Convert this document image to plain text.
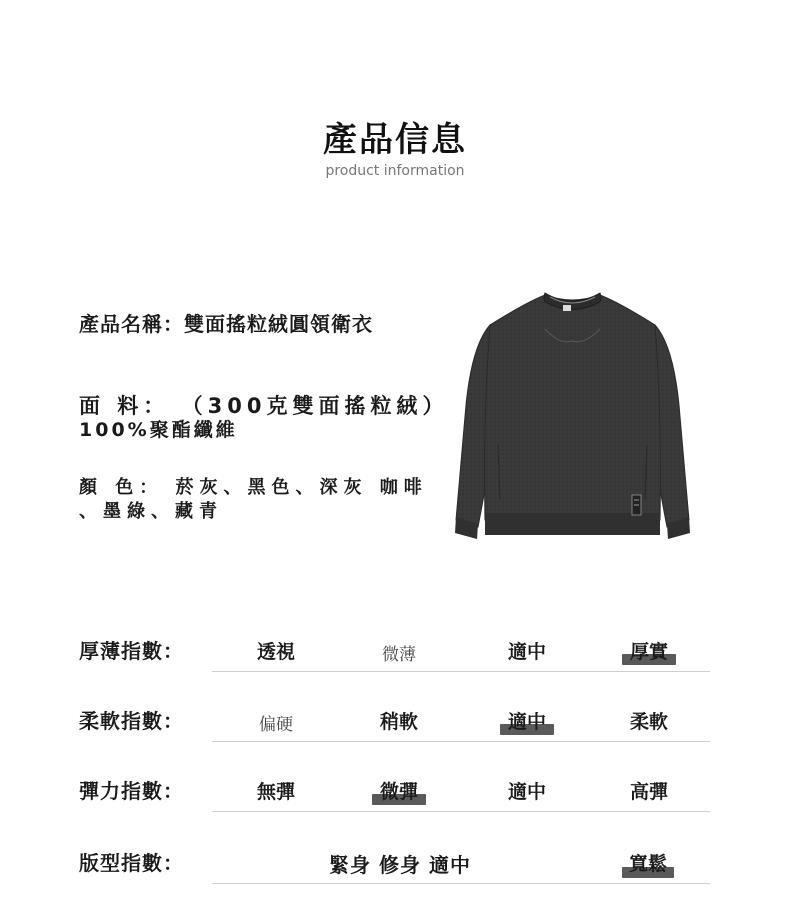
產品信息
product information
產品名稱：雙面搖粒絨圓領衛衣
面 料： （300克雙面搖粒絨）
100%聚酯纖維
顏 色： 菸灰、黑色、深灰 咖啡
、墨綠、藏青
厚薄指數：	透視	微薄	適中	厚實
柔軟指數：	偏硬	稍軟	適中	柔軟
彈力指數：	無彈	微彈	適中	高彈
版型指數：	緊身 修身 適中	寬鬆
